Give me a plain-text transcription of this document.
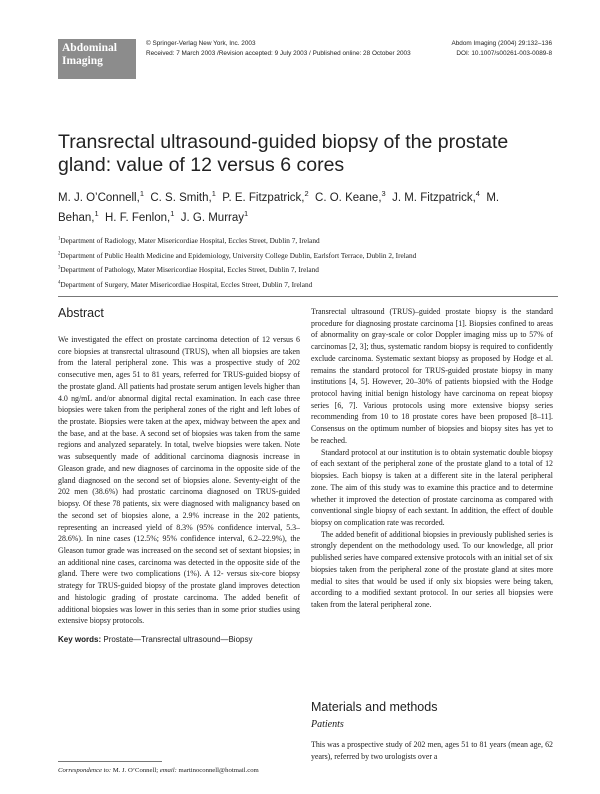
Abdominal
Imaging
© Springer-Verlag New York, Inc. 2003
Received: 7 March 2003 /Revision accepted: 9 July 2003 / Published online: 28 October 2003
Abdom Imaging (2004) 29:132–136
DOI: 10.1007/s00261-003-0089-8
Transrectal ultrasound-guided biopsy of the prostate gland: value of 12 versus 6 cores
M. J. O’Connell,$^1$ C. S. Smith,$^1$ P. E. Fitzpatrick,$^2$ C. O. Keane,$^3$ J. M. Fitzpatrick,$^4$ M. Behan,$^1$ H. F. Fenlon,$^1$ J. G. Murray$^1$
$^1$Department of Radiology, Mater Misericordiae Hospital, Eccles Street, Dublin 7, Ireland
$^2$Department of Public Health Medicine and Epidemiology, University College Dublin, Earlsfort Terrace, Dublin 2, Ireland
$^3$Department of Pathology, Mater Misericordiae Hospital, Eccles Street, Dublin 7, Ireland
$^4$Department of Surgery, Mater Misericordiae Hospital, Eccles Street, Dublin 7, Ireland
Abstract

We investigated the effect on prostate carcinoma detection of 12 versus 6 core biopsies at transrectal ultrasound (TRUS), when all biopsies are taken from the lateral peripheral zone. This was a prospective study of 202 consecutive men, ages 51 to 81 years, referred for TRUS-guided biopsy of the prostate gland. All patients had prostate serum antigen levels higher than 4.0 ng/mL and/or abnormal digital rectal examination. In each case three biopsies were taken from the peripheral zones of the right and left lobes of the prostate. Biopsies were taken at the apex, midway between the apex and the base, and at the base. A second set of biopsies was taken from the same regions and analyzed separately. In total, twelve biopsies were taken. Note was subsequently made of additional carcinoma diagnosis increase in Gleason grade, and new diagnoses of carcinoma in the opposite side of the gland diagnosed on the second set of biopsies alone. Seventy-eight of the 202 men (38.6%) had prostatic carcinoma diagnosed on TRUS-guided biopsy. Of these 78 patients, six were diagnosed with malignancy based on the second set of biopsies alone, a 2.9% increase in the 202 patients, representing an increased yield of 8.3% (95% confidence interval, 5.3–28.6%). In nine cases (12.5%; 95% confidence interval, 6.2–22.9%), the Gleason tumor grade was increased on the second set of sextant biopsies; in an additional nine cases, carcinoma was detected in the opposite side of the gland. There were two complications (1%). A 12- versus six-core biopsy strategy for TRUS-guided biopsy of the prostate gland improves detection and histologic grading of prostate carcinoma. The added benefit of additional biopsies was lower in this series than in some prior studies using extensive biopsy protocols.

Key words: Prostate—Transrectal ultrasound—Biopsy
Correspondence to: M. J. O’Connell; email: martinoconnell@hotmail.com

Transrectal ultrasound (TRUS)–guided prostate biopsy is the standard procedure for diagnosing prostate carcinoma [1]. Biopsies confined to areas of abnormality on gray-scale or color Doppler imaging miss up to 57% of carcinomas [2, 3]; thus, systematic random biopsy is required to confidently exclude carcinoma. Systematic sextant biopsy as proposed by Hodge et al. remains the standard protocol for TRUS-guided prostate biopsy in many institutions [4, 5]. However, 20–30% of patients biopsied with the Hodge protocol having initial benign histology have carcinoma on repeat biopsy series [6, 7]. Various protocols using more extensive biopsy series recommending from 10 to 18 prostate cores have been proposed [8–11]. Consensus on the optimum number of biopsies and biopsy sites has yet to be reached.

Standard protocol at our institution is to obtain systematic double biopsy of each sextant of the peripheral zone of the prostate gland to a total of 12 biopsies. Each biopsy is taken at a different site in the lateral peripheral zone. The aim of this study was to examine this practice and to determine whether it improved the detection of prostate carcinoma as compared with conventional single biopsy of each sextant. In addition, the effect of double biopsy on complication rate was recorded.

The added benefit of additional biopsies in previously published series is strongly dependent on the methodology used. To our knowledge, all prior published series have compared extensive protocols with an initial set of six biopsies taken from the peripheral zone of the prostate gland at sites more medial to sites that would be used if only six biopsies were being taken, according to a modified sextant protocol. In our series all biopsies were taken from the lateral peripheral zone.

Materials and methods
Patients

This was a prospective study of 202 men, ages 51 to 81 years (mean age, 62 years), referred by two urologists over a
